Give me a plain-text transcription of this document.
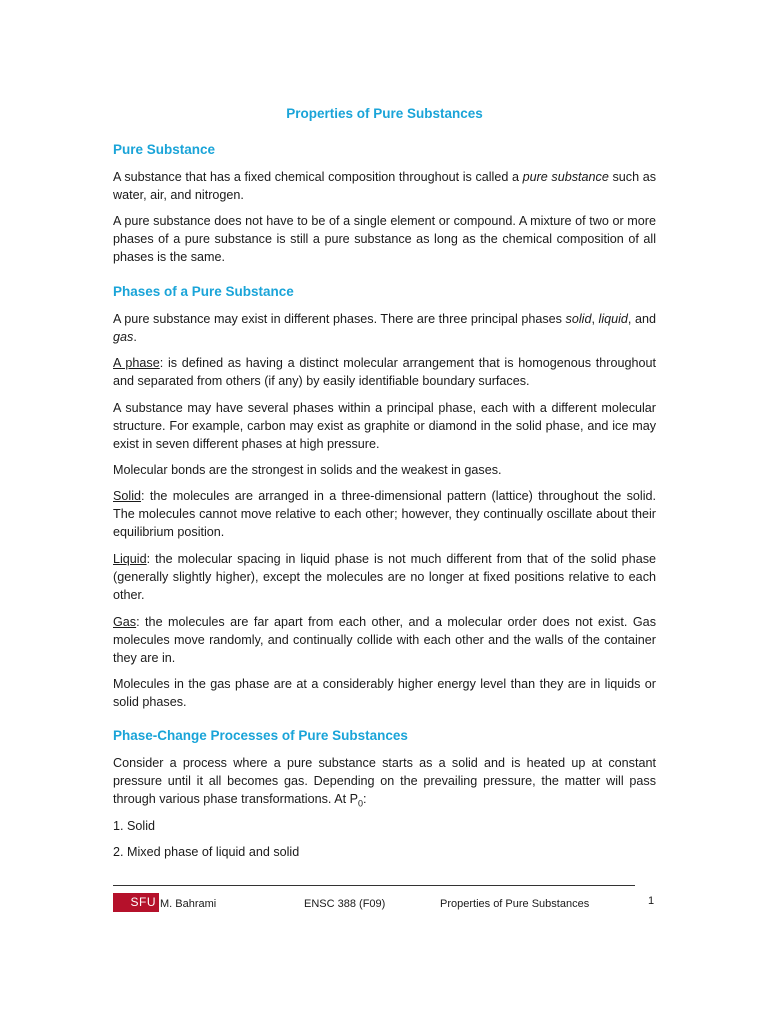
Properties of Pure Substances
Pure Substance
A substance that has a fixed chemical composition throughout is called a pure substance such as water, air, and nitrogen.
A pure substance does not have to be of a single element or compound. A mixture of two or more phases of a pure substance is still a pure substance as long as the chemical composition of all phases is the same.
Phases of a Pure Substance
A pure substance may exist in different phases. There are three principal phases solid, liquid, and gas.
A phase: is defined as having a distinct molecular arrangement that is homogenous throughout and separated from others (if any) by easily identifiable boundary surfaces.
A substance may have several phases within a principal phase, each with a different molecular structure. For example, carbon may exist as graphite or diamond in the solid phase, and ice may exist in seven different phases at high pressure.
Molecular bonds are the strongest in solids and the weakest in gases.
Solid: the molecules are arranged in a three-dimensional pattern (lattice) throughout the solid. The molecules cannot move relative to each other; however, they continually oscillate about their equilibrium position.
Liquid: the molecular spacing in liquid phase is not much different from that of the solid phase (generally slightly higher), except the molecules are no longer at fixed positions relative to each other.
Gas: the molecules are far apart from each other, and a molecular order does not exist. Gas molecules move randomly, and continually collide with each other and the walls of the container they are in.
Molecules in the gas phase are at a considerably higher energy level than they are in liquids or solid phases.
Phase-Change Processes of Pure Substances
Consider a process where a pure substance starts as a solid and is heated up at constant pressure until it all becomes gas. Depending on the prevailing pressure, the matter will pass through various phase transformations. At $P_0$:
1. Solid
2. Mixed phase of liquid and solid
SFU M. Bahrami	ENSC 388 (F09)	Properties of Pure Substances	1
